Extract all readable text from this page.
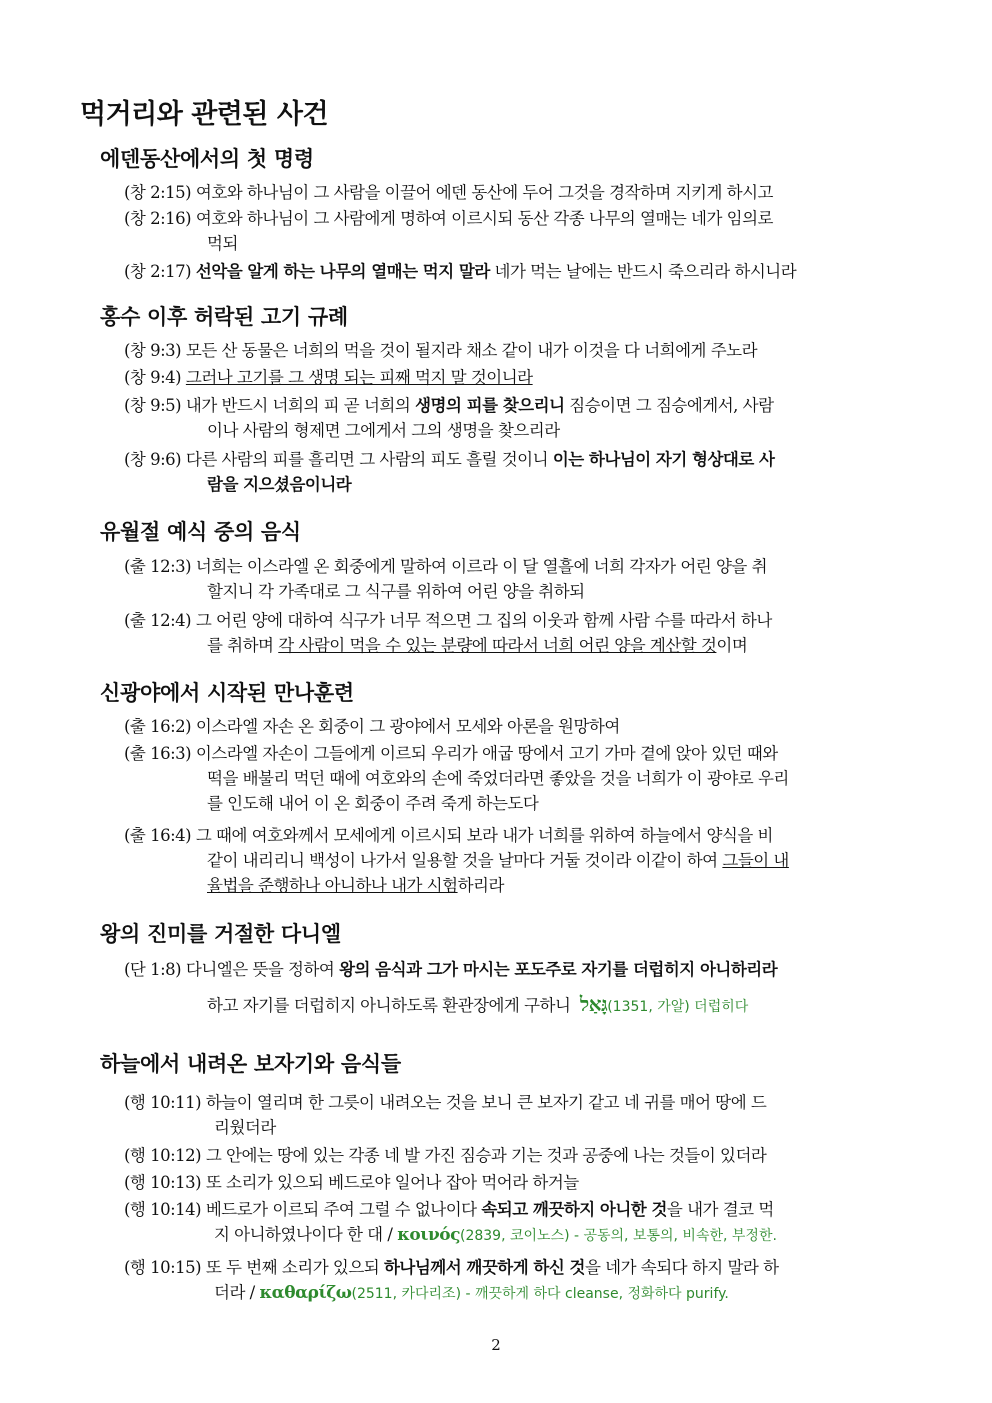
먹거리와 관련된 사건
에덴동산에서의 첫 명령
(창 2:15) 여호와 하나님이 그 사람을 이끌어 에덴 동산에 두어 그것을 경작하며 지키게 하시고
(창 2:16) 여호와 하나님이 그 사람에게 명하여 이르시되 동산 각종 나무의 열매는 네가 임의로
먹되
(창 2:17) 선악을 알게 하는 나무의 열매는 먹지 말라 네가 먹는 날에는 반드시 죽으리라 하시니라
홍수 이후 허락된 고기 규례
(창 9:3) 모든 산 동물은 너희의 먹을 것이 될지라 채소 같이 내가 이것을 다 너희에게 주노라
(창 9:4) 그러나 고기를 그 생명 되는 피째 먹지 말 것이니라
(창 9:5) 내가 반드시 너희의 피 곧 너희의 생명의 피를 찾으리니 짐승이면 그 짐승에게서, 사람
이나 사람의 형제면 그에게서 그의 생명을 찾으리라
(창 9:6) 다른 사람의 피를 흘리면 그 사람의 피도 흘릴 것이니 이는 하나님이 자기 형상대로 사
람을 지으셨음이니라
유월절 예식 중의 음식
(출 12:3) 너희는 이스라엘 온 회중에게 말하여 이르라 이 달 열흘에 너희 각자가 어린 양을 취
할지니 각 가족대로 그 식구를 위하여 어린 양을 취하되
(출 12:4) 그 어린 양에 대하여 식구가 너무 적으면 그 집의 이웃과 함께 사람 수를 따라서 하나
를 취하며 각 사람이 먹을 수 있는 분량에 따라서 너희 어린 양을 계산할 것이며
신광야에서 시작된 만나훈련
(출 16:2) 이스라엘 자손 온 회중이 그 광야에서 모세와 아론을 원망하여
(출 16:3) 이스라엘 자손이 그들에게 이르되 우리가 애굽 땅에서 고기 가마 곁에 앉아 있던 때와
떡을 배불리 먹던 때에 여호와의 손에 죽었더라면 좋았을 것을 너희가 이 광야로 우리
를 인도해 내어 이 온 회중이 주려 죽게 하는도다
(출 16:4) 그 때에 여호와께서 모세에게 이르시되 보라 내가 너희를 위하여 하늘에서 양식을 비
같이 내리리니 백성이 나가서 일용할 것을 날마다 거둘 것이라 이같이 하여 그들이 내
율법을 준행하나 아니하나 내가 시험하리라
왕의 진미를 거절한 다니엘
(단 1:8) 다니엘은 뜻을 정하여 왕의 음식과 그가 마시는 포도주로 자기를 더럽히지 아니하리라
하고 자기를 더럽히지 아니하도록 환관장에게 구하니 גָּאַל(1351, 가알) 더럽히다
하늘에서 내려온 보자기와 음식들
(행 10:11) 하늘이 열리며 한 그릇이 내려오는 것을 보니 큰 보자기 같고 네 귀를 매어 땅에 드
리웠더라
(행 10:12) 그 안에는 땅에 있는 각종 네 발 가진 짐승과 기는 것과 공중에 나는 것들이 있더라
(행 10:13) 또 소리가 있으되 베드로야 일어나 잡아 먹어라 하거늘
(행 10:14) 베드로가 이르되 주여 그럴 수 없나이다 속되고 깨끗하지 아니한 것을 내가 결코 먹
지 아니하였나이다 한 대 / κοινός(2839, 코이노스) - 공동의, 보통의, 비속한, 부정한.
(행 10:15) 또 두 번째 소리가 있으되 하나님께서 깨끗하게 하신 것을 네가 속되다 하지 말라 하
더라 / καθαρίζω(2511, 카다리조) - 깨끗하게 하다 cleanse, 정화하다 purify.
2
